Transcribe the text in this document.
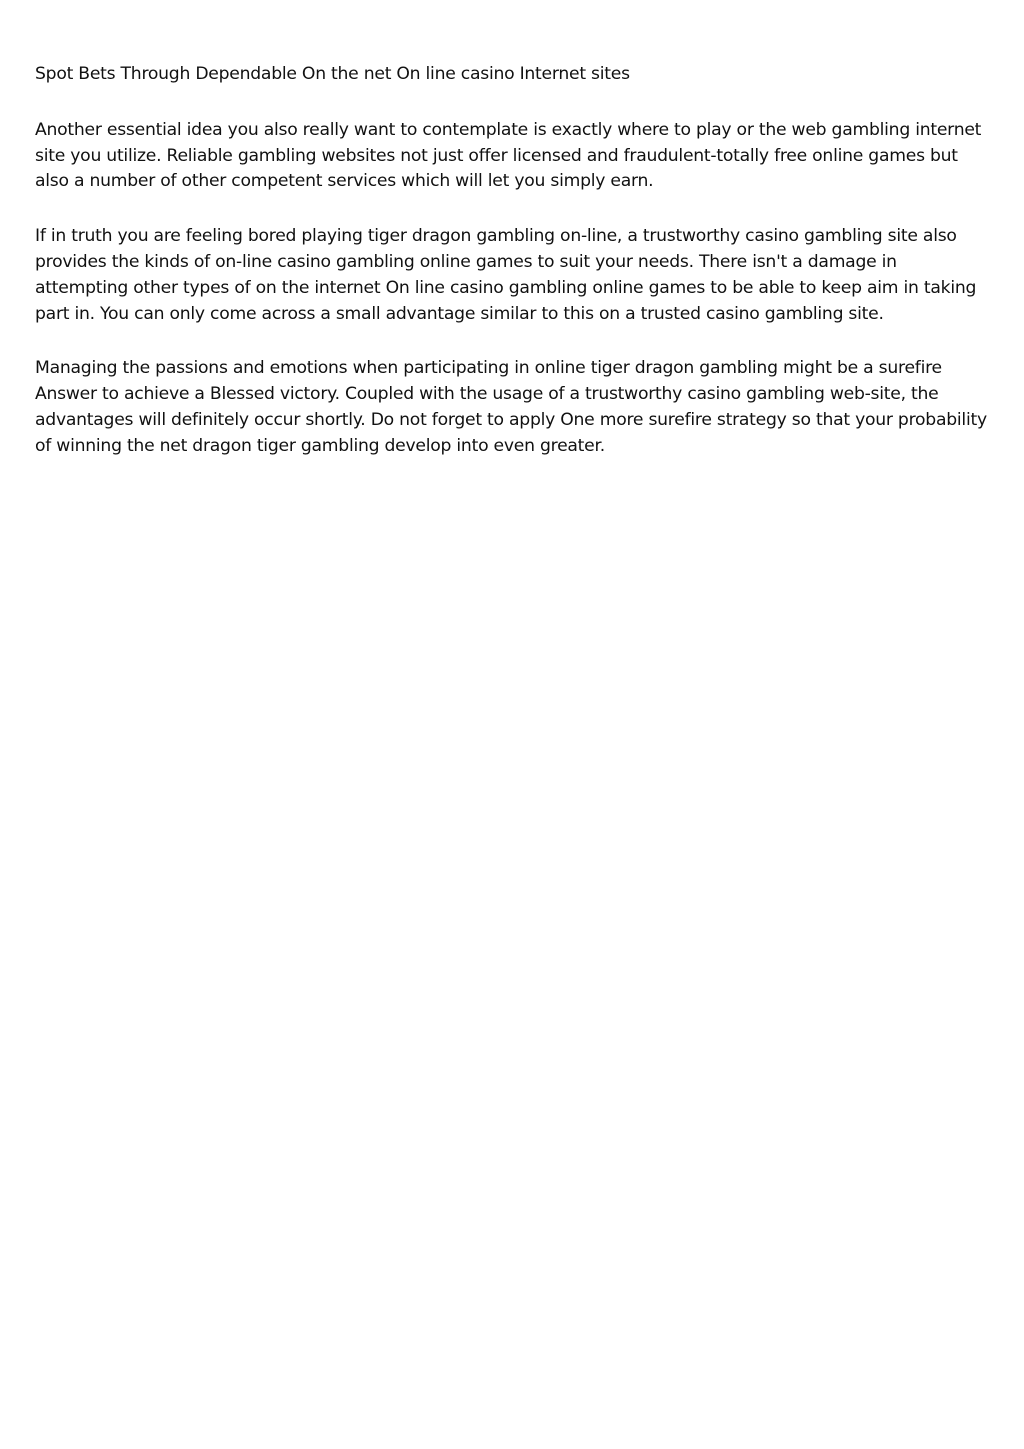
Spot Bets Through Dependable On the net On line casino Internet sites

Another essential idea you also really want to contemplate is exactly where to play or the web gambling internet site you utilize. Reliable gambling websites not just offer licensed and fraudulent-totally free online games but also a number of other competent services which will let you simply earn.

If in truth you are feeling bored playing tiger dragon gambling on-line, a trustworthy casino gambling site also provides the kinds of on-line casino gambling online games to suit your needs. There isn't a damage in attempting other types of on the internet On line casino gambling online games to be able to keep aim in taking part in. You can only come across a small advantage similar to this on a trusted casino gambling site.

Managing the passions and emotions when participating in online tiger dragon gambling might be a surefire Answer to achieve a Blessed victory. Coupled with the usage of a trustworthy casino gambling web-site, the advantages will definitely occur shortly. Do not forget to apply One more surefire strategy so that your probability of winning the net dragon tiger gambling develop into even greater.
